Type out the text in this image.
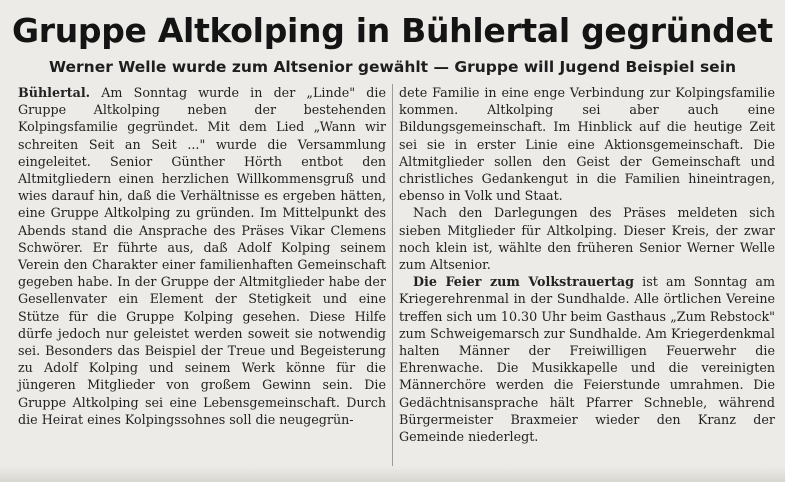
Gruppe Altkolping in Bühlertal gegründet
Werner Welle wurde zum Altsenior gewählt — Gruppe will Jugend Beispiel sein

Bühlertal. Am Sonntag wurde in der „Linde" die Gruppe Altkolping neben der bestehenden Kolpingsfamilie gegründet. Mit dem Lied „Wann wir schreiten Seit an Seit ..." wurde die Versammlung eingeleitet. Senior Günther Hörth entbot den Altmitgliedern einen herzlichen Willkommensgruß und wies darauf hin, daß die Verhältnisse es ergeben hätten, eine Gruppe Altkolping zu gründen. Im Mittelpunkt des Abends stand die Ansprache des Präses Vikar Clemens Schwörer. Er führte aus, daß Adolf Kolping seinem Verein den Charakter einer familienhaften Gemeinschaft gegeben habe. In der Gruppe der Altmitglieder habe der Gesellenvater ein Element der Stetigkeit und eine Stütze für die Gruppe Kolping gesehen. Diese Hilfe dürfe jedoch nur geleistet werden soweit sie notwendig sei. Besonders das Beispiel der Treue und Begeisterung zu Adolf Kolping und seinem Werk könne für die jüngeren Mitglieder von großem Gewinn sein. Die Gruppe Altkolping sei eine Lebensgemeinschaft. Durch die Heirat eines Kolpingssohnes soll die neugegrün-

dete Familie in eine enge Verbindung zur Kolpingsfamilie kommen. Altkolping sei aber auch eine Bildungsgemeinschaft. Im Hinblick auf die heutige Zeit sei sie in erster Linie eine Aktionsgemeinschaft. Die Altmitglieder sollen den Geist der Gemeinschaft und christliches Gedankengut in die Familien hineintragen, ebenso in Volk und Staat.

Nach den Darlegungen des Präses meldeten sich sieben Mitglieder für Altkolping. Dieser Kreis, der zwar noch klein ist, wählte den früheren Senior Werner Welle zum Altsenior.

Die Feier zum Volkstrauertag ist am Sonntag am Kriegerehrenmal in der Sundhalde. Alle örtlichen Vereine treffen sich um 10.30 Uhr beim Gasthaus „Zum Rebstock" zum Schweigemarsch zur Sundhalde. Am Kriegerdenkmal halten Männer der Freiwilligen Feuerwehr die Ehrenwache. Die Musikkapelle und die vereinigten Männerchöre werden die Feierstunde umrahmen. Die Gedächtnisansprache hält Pfarrer Schneble, während Bürgermeister Braxmeier wieder den Kranz der Gemeinde niederlegt.
